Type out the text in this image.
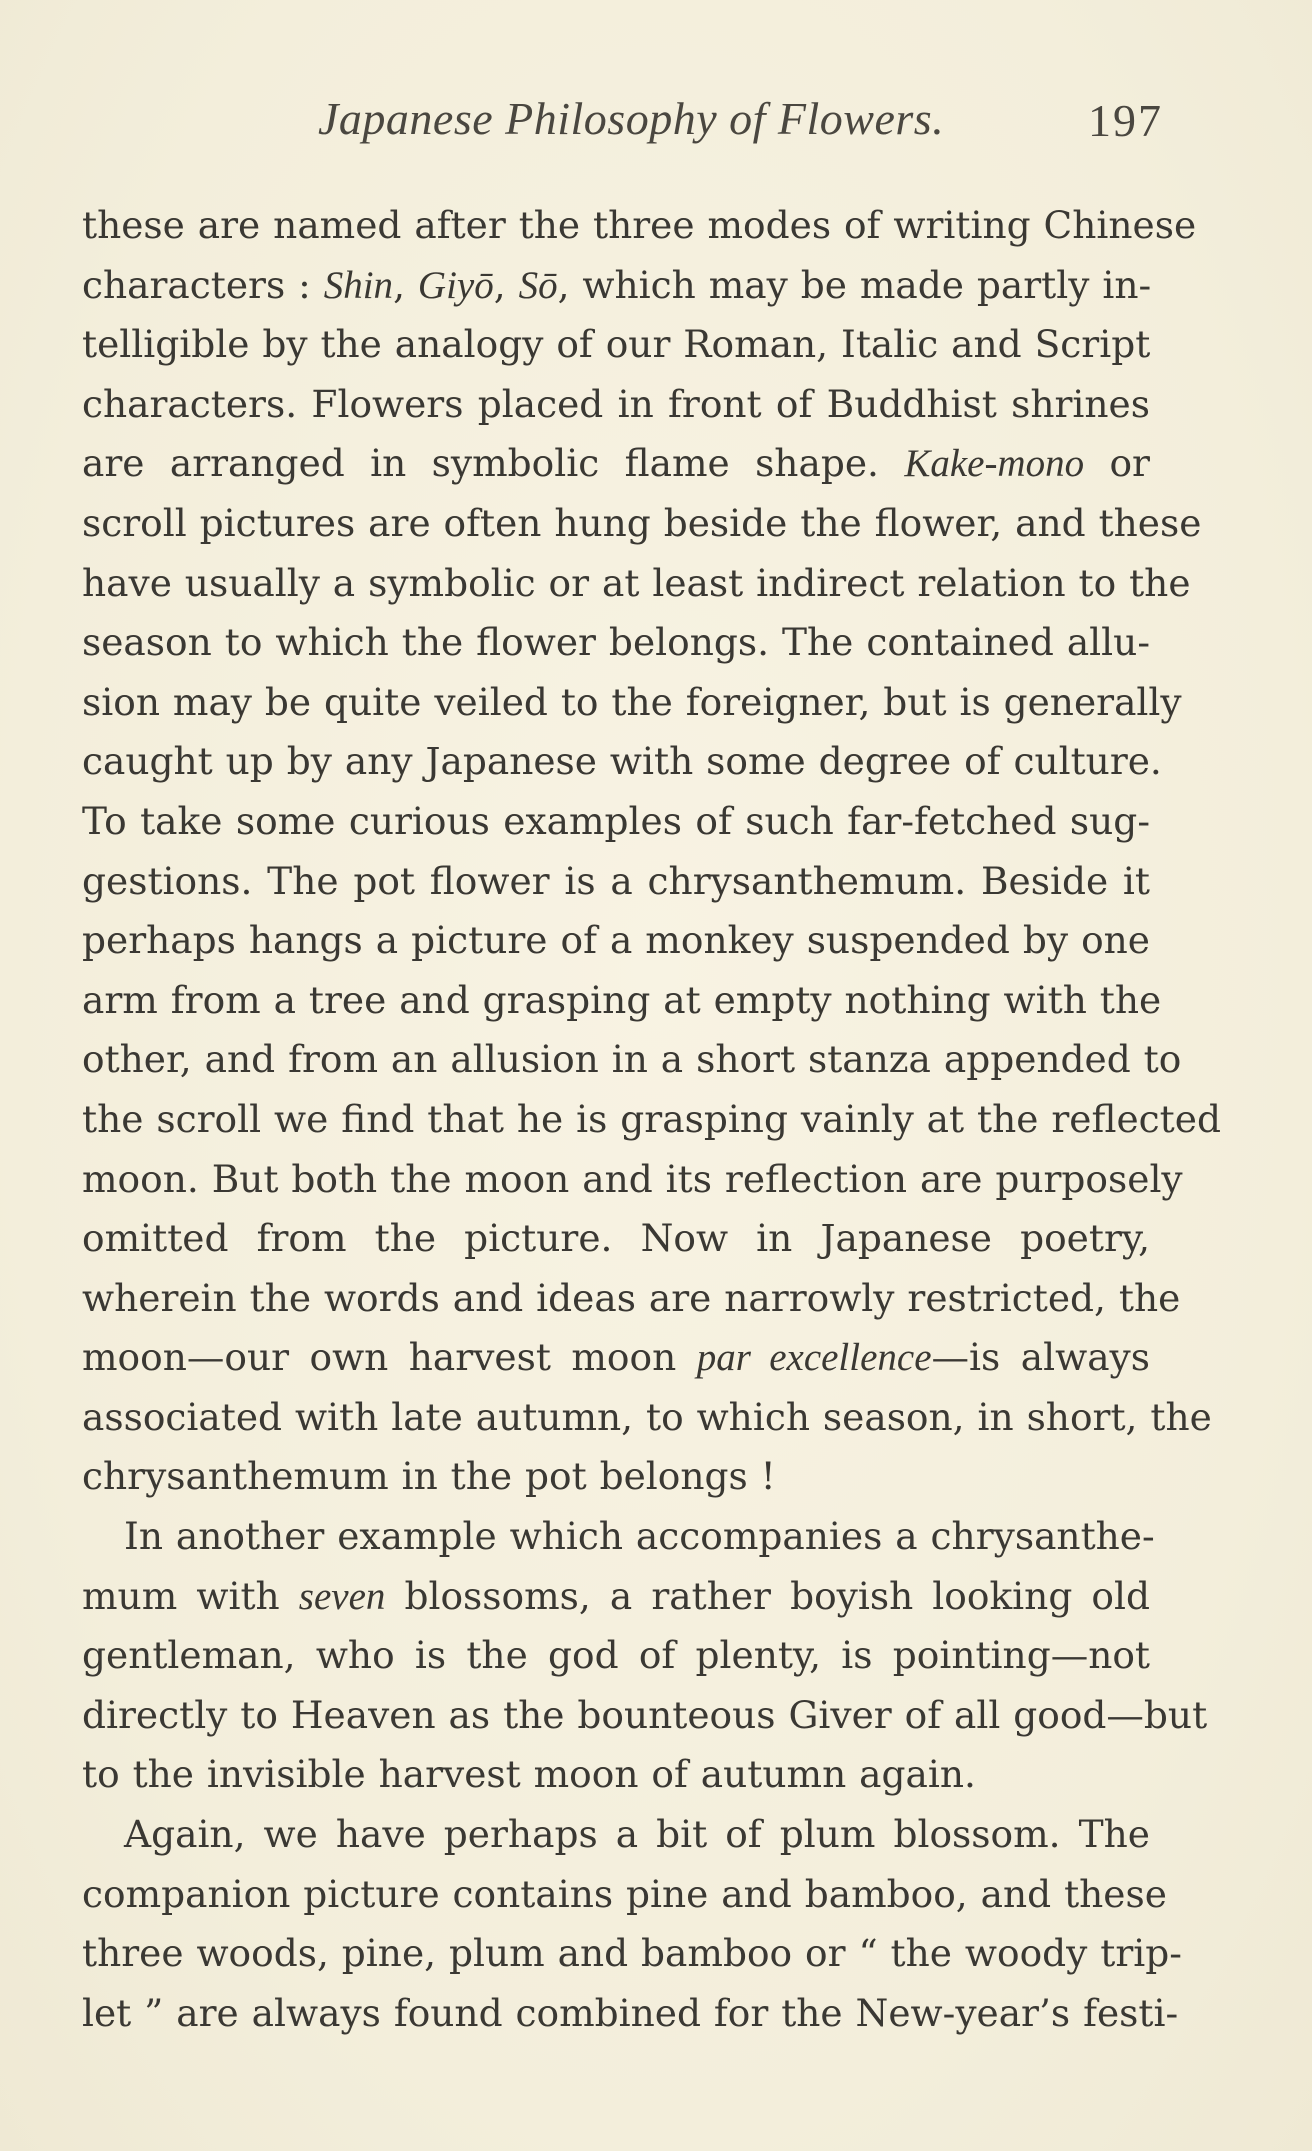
Japanese Philosophy of Flowers.	197
these are named after the three modes of writing Chinese
characters : Shin, Giyō, Sō, which may be made partly in-
telligible by the analogy of our Roman, Italic and Script
characters. Flowers placed in front of Buddhist shrines
are arranged in symbolic flame shape. Kake-mono or
scroll pictures are often hung beside the flower, and these
have usually a symbolic or at least indirect relation to the
season to which the flower belongs. The contained allu-
sion may be quite veiled to the foreigner, but is generally
caught up by any Japanese with some degree of culture.
To take some curious examples of such far-fetched sug-
gestions. The pot flower is a chrysanthemum. Beside it
perhaps hangs a picture of a monkey suspended by one
arm from a tree and grasping at empty nothing with the
other, and from an allusion in a short stanza appended to
the scroll we find that he is grasping vainly at the reflected
moon. But both the moon and its reflection are purposely
omitted from the picture. Now in Japanese poetry,
wherein the words and ideas are narrowly restricted, the
moon—our own harvest moon par excellence—is always
associated with late autumn, to which season, in short, the
chrysanthemum in the pot belongs !
In another example which accompanies a chrysanthe-
mum with seven blossoms, a rather boyish looking old
gentleman, who is the god of plenty, is pointing—not
directly to Heaven as the bounteous Giver of all good—but
to the invisible harvest moon of autumn again.
Again, we have perhaps a bit of plum blossom. The
companion picture contains pine and bamboo, and these
three woods, pine, plum and bamboo or “ the woody trip-
let ” are always found combined for the New-year’s festi-
